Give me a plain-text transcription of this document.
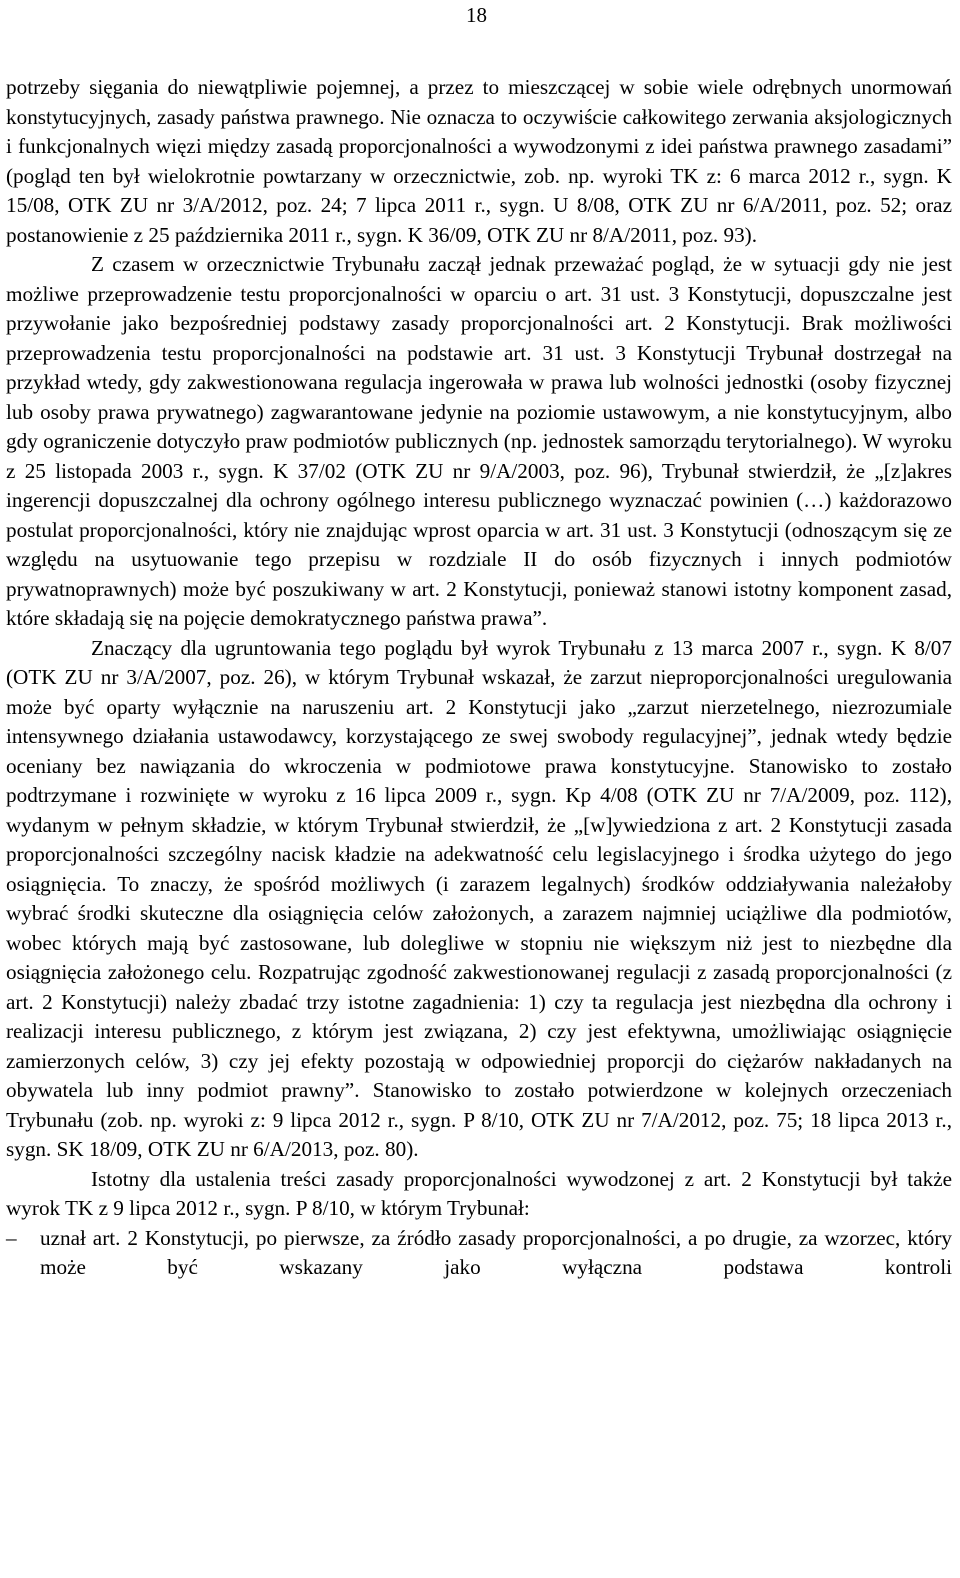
18

potrzeby sięgania do niewątpliwie pojemnej, a przez to mieszczącej w sobie wiele odrębnych unormowań konstytucyjnych, zasady państwa prawnego. Nie oznacza to oczywiście całkowitego zerwania aksjologicznych i funkcjonalnych więzi między zasadą proporcjonalności a wywodzonymi z idei państwa prawnego zasadami” (pogląd ten był wielokrotnie powtarzany w orzecznictwie, zob. np. wyroki TK z: 6 marca 2012 r., sygn. K 15/08, OTK ZU nr 3/A/2012, poz. 24; 7 lipca 2011 r., sygn. U 8/08, OTK ZU nr 6/A/2011, poz. 52; oraz postanowienie z 25 października 2011 r., sygn. K 36/09, OTK ZU nr 8/A/2011, poz. 93).

Z czasem w orzecznictwie Trybunału zaczął jednak przeważać pogląd, że w sytuacji gdy nie jest możliwe przeprowadzenie testu proporcjonalności w oparciu o art. 31 ust. 3 Konstytucji, dopuszczalne jest przywołanie jako bezpośredniej podstawy zasady proporcjonalności art. 2 Konstytucji. Brak możliwości przeprowadzenia testu proporcjonalności na podstawie art. 31 ust. 3 Konstytucji Trybunał dostrzegał na przykład wtedy, gdy zakwestionowana regulacja ingerowała w prawa lub wolności jednostki (osoby fizycznej lub osoby prawa prywatnego) zagwarantowane jedynie na poziomie ustawowym, a nie konstytucyjnym, albo gdy ograniczenie dotyczyło praw podmiotów publicznych (np. jednostek samorządu terytorialnego). W wyroku z 25 listopada 2003 r., sygn. K 37/02 (OTK ZU nr 9/A/2003, poz. 96), Trybunał stwierdził, że „[z]akres ingerencji dopuszczalnej dla ochrony ogólnego interesu publicznego wyznaczać powinien (…) każdorazowo postulat proporcjonalności, który nie znajdując wprost oparcia w art. 31 ust. 3 Konstytucji (odnoszącym się ze względu na usytuowanie tego przepisu w rozdziale II do osób fizycznych i innych podmiotów prywatnoprawnych) może być poszukiwany w art. 2 Konstytucji, ponieważ stanowi istotny komponent zasad, które składają się na pojęcie demokratycznego państwa prawa”.

Znaczący dla ugruntowania tego poglądu był wyrok Trybunału z 13 marca 2007 r., sygn. K 8/07 (OTK ZU nr 3/A/2007, poz. 26), w którym Trybunał wskazał, że zarzut nieproporcjonalności uregulowania może być oparty wyłącznie na naruszeniu art. 2 Konstytucji jako „zarzut nierzetelnego, niezrozumiale intensywnego działania ustawodawcy, korzystającego ze swej swobody regulacyjnej”, jednak wtedy będzie oceniany bez nawiązania do wkroczenia w podmiotowe prawa konstytucyjne. Stanowisko to zostało podtrzymane i rozwinięte w wyroku z 16 lipca 2009 r., sygn. Kp 4/08 (OTK ZU nr 7/A/2009, poz. 112), wydanym w pełnym składzie, w którym Trybunał stwierdził, że „[w]ywiedziona z art. 2 Konstytucji zasada proporcjonalności szczególny nacisk kładzie na adekwatność celu legislacyjnego i środka użytego do jego osiągnięcia. To znaczy, że spośród możliwych (i zarazem legalnych) środków oddziaływania należałoby wybrać środki skuteczne dla osiągnięcia celów założonych, a zarazem najmniej uciążliwe dla podmiotów, wobec których mają być zastosowane, lub dolegliwe w stopniu nie większym niż jest to niezbędne dla osiągnięcia założonego celu. Rozpatrując zgodność zakwestionowanej regulacji z zasadą proporcjonalności (z art. 2 Konstytucji) należy zbadać trzy istotne zagadnienia: 1) czy ta regulacja jest niezbędna dla ochrony i realizacji interesu publicznego, z którym jest związana, 2) czy jest efektywna, umożliwiając osiągnięcie zamierzonych celów, 3) czy jej efekty pozostają w odpowiedniej proporcji do ciężarów nakładanych na obywatela lub inny podmiot prawny”. Stanowisko to zostało potwierdzone w kolejnych orzeczeniach Trybunału (zob. np. wyroki z: 9 lipca 2012 r., sygn. P 8/10, OTK ZU nr 7/A/2012, poz. 75; 18 lipca 2013 r., sygn. SK 18/09, OTK ZU nr 6/A/2013, poz. 80).

Istotny dla ustalenia treści zasady proporcjonalności wywodzonej z art. 2 Konstytucji był także wyrok TK z 9 lipca 2012 r., sygn. P 8/10, w którym Trybunał:

– uznał art. 2 Konstytucji, po pierwsze, za źródło zasady proporcjonalności, a po drugie, za wzorzec, który może być wskazany jako wyłączna podstawa kontroli
